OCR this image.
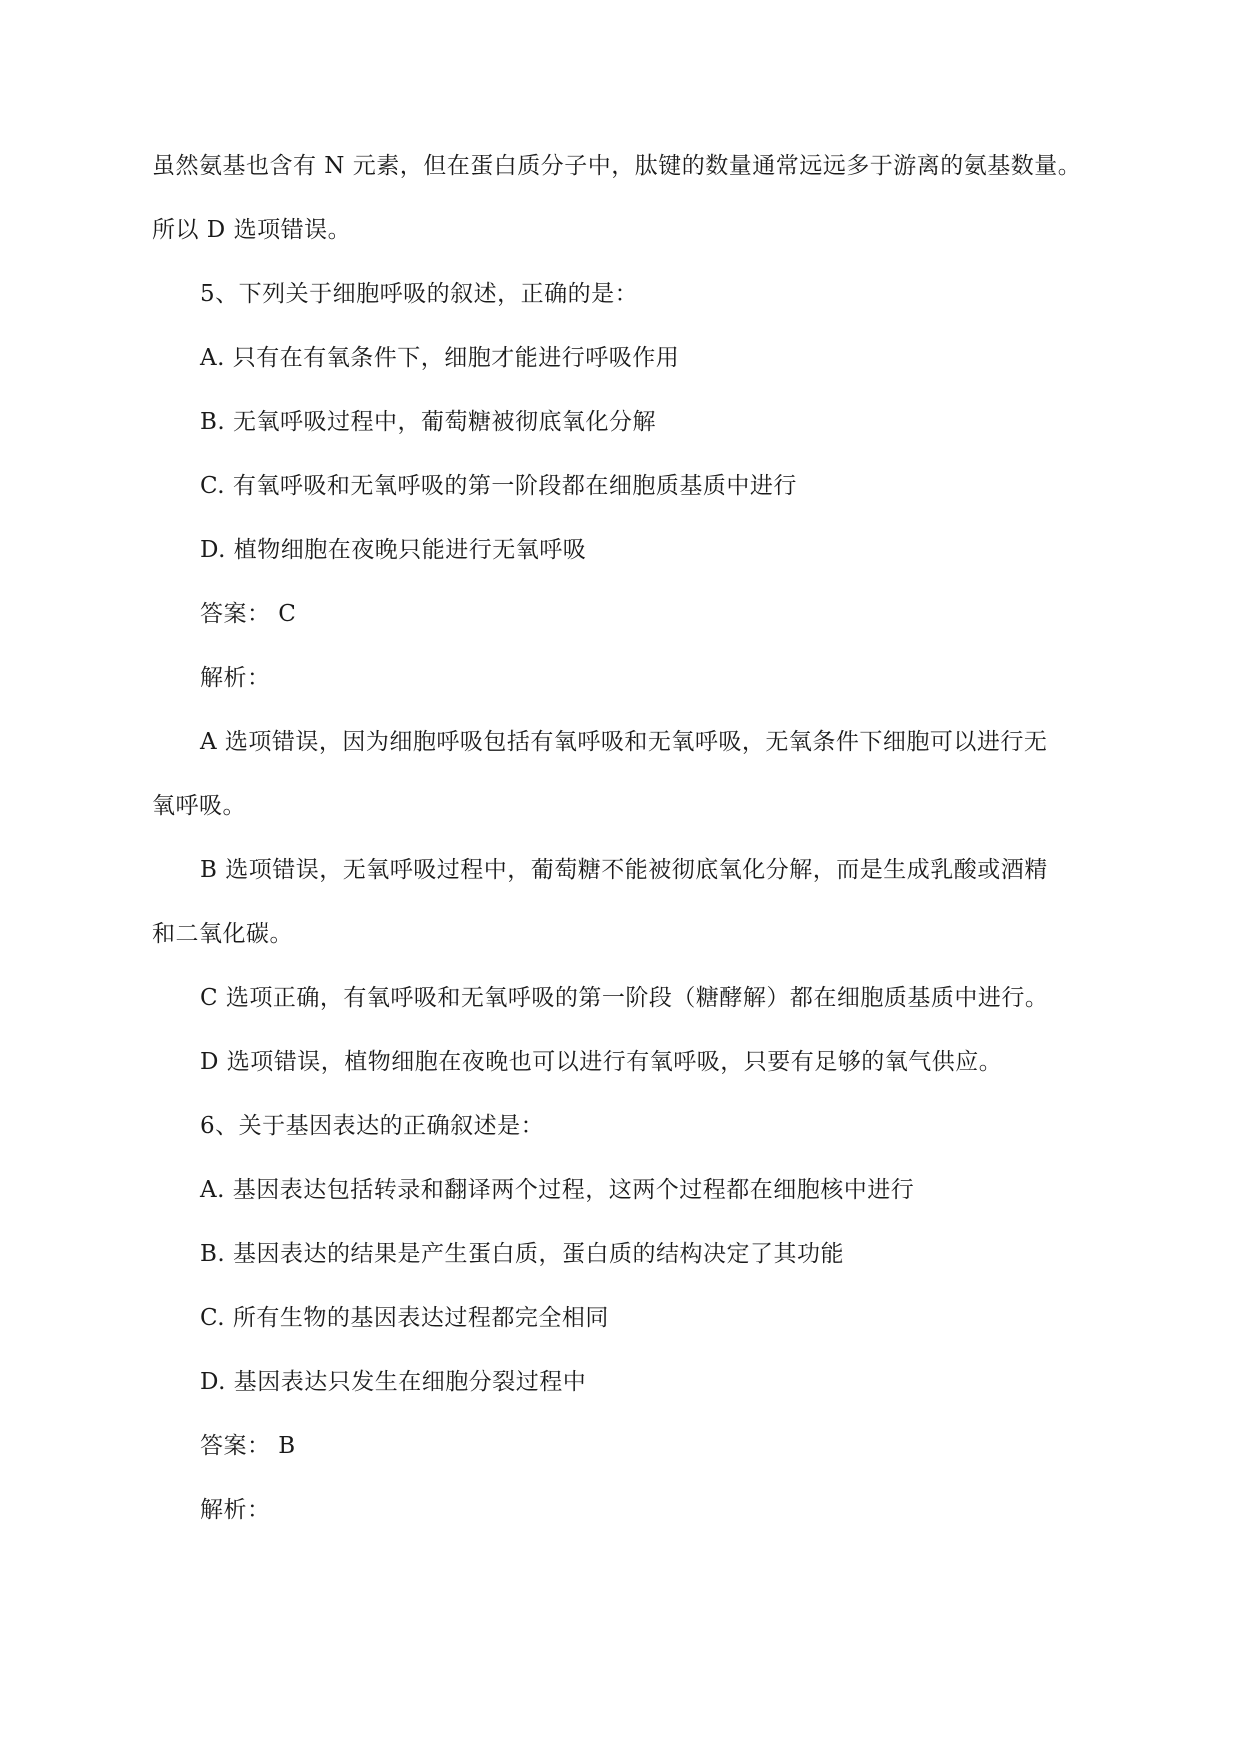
虽然氨基也含有 N 元素，但在蛋白质分子中，肽键的数量通常远远多于游离的氨基数量。
所以 D 选项错误。
5、下列关于细胞呼吸的叙述，正确的是：
A. 只有在有氧条件下，细胞才能进行呼吸作用
B. 无氧呼吸过程中，葡萄糖被彻底氧化分解
C. 有氧呼吸和无氧呼吸的第一阶段都在细胞质基质中进行
D. 植物细胞在夜晚只能进行无氧呼吸
答案： C
解析：
A 选项错误，因为细胞呼吸包括有氧呼吸和无氧呼吸，无氧条件下细胞可以进行无
氧呼吸。
B 选项错误，无氧呼吸过程中，葡萄糖不能被彻底氧化分解，而是生成乳酸或酒精
和二氧化碳。
C 选项正确，有氧呼吸和无氧呼吸的第一阶段（糖酵解）都在细胞质基质中进行。
D 选项错误，植物细胞在夜晚也可以进行有氧呼吸，只要有足够的氧气供应。
6、关于基因表达的正确叙述是：
A. 基因表达包括转录和翻译两个过程，这两个过程都在细胞核中进行
B. 基因表达的结果是产生蛋白质，蛋白质的结构决定了其功能
C. 所有生物的基因表达过程都完全相同
D. 基因表达只发生在细胞分裂过程中
答案： B
解析：
